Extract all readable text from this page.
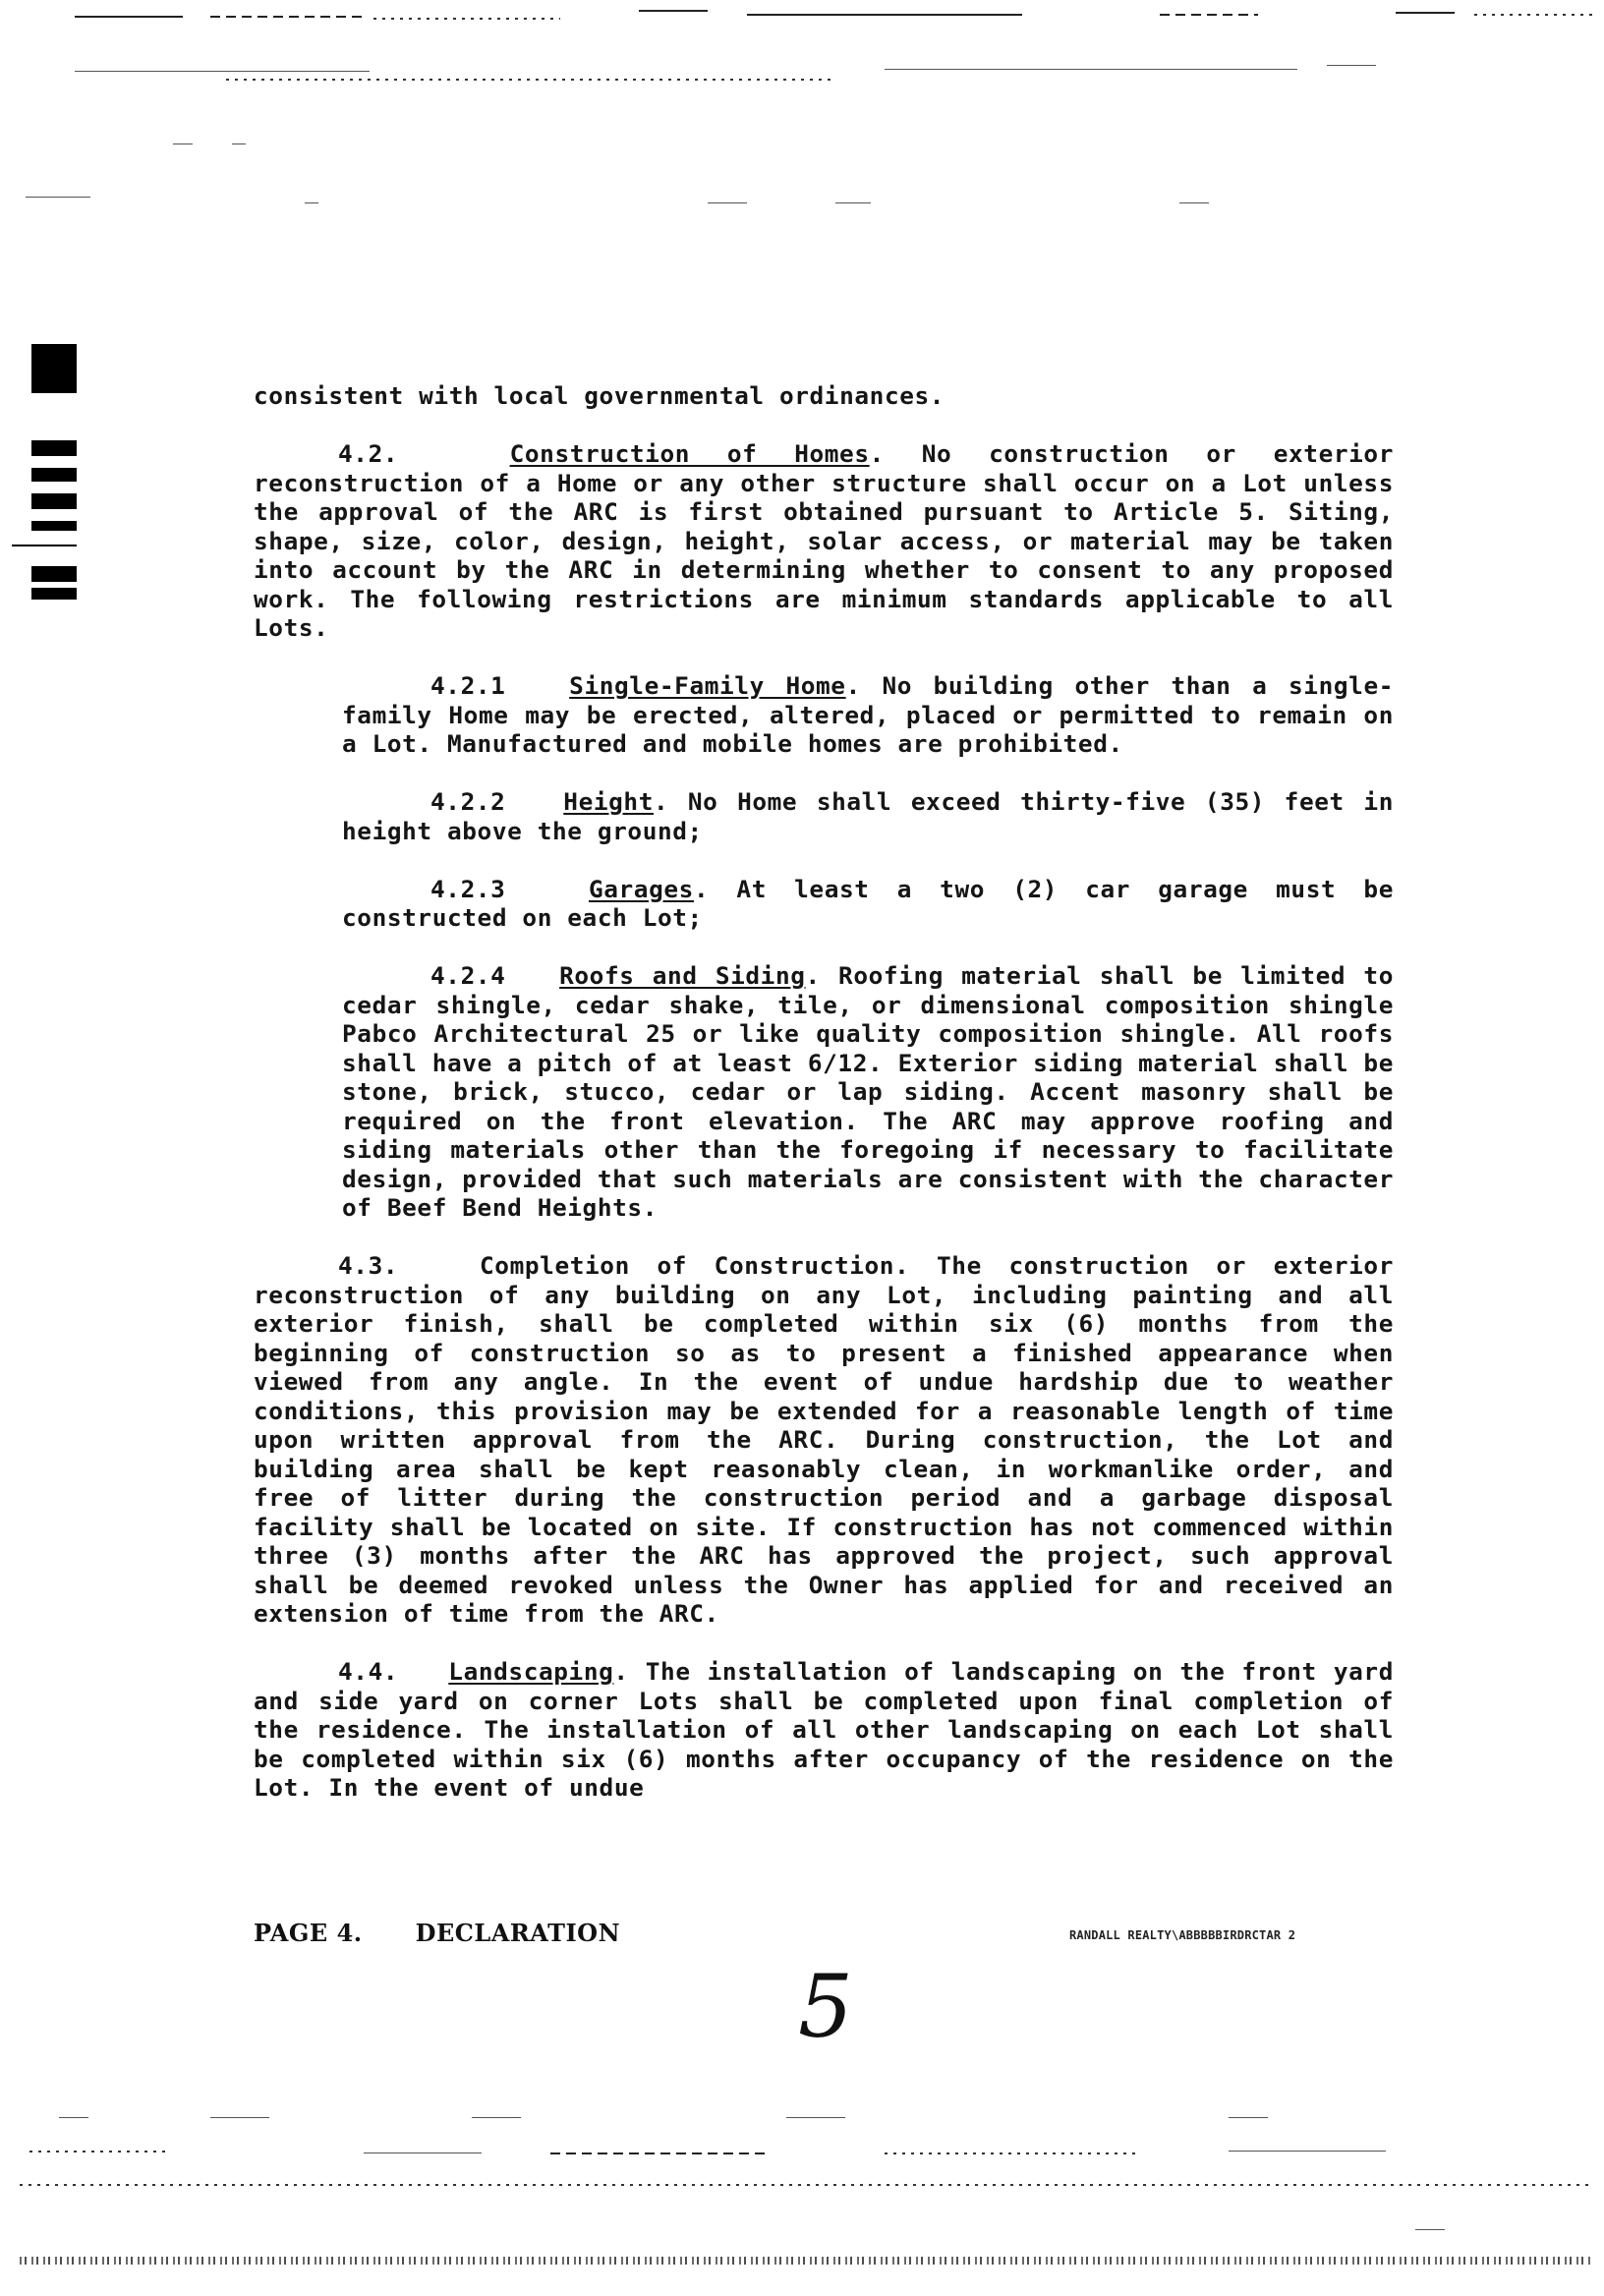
consistent with local governmental ordinances.

4.2.	Construction of Homes. No construction or exterior reconstruction of a Home or any other structure shall occur on a Lot unless the approval of the ARC is first obtained pursuant to Article 5. Siting, shape, size, color, design, height, solar access, or material may be taken into account by the ARC in determining whether to consent to any proposed work. The following restrictions are minimum standards applicable to all Lots.

4.2.1	Single-Family Home. No building other than a single-family Home may be erected, altered, placed or permitted to remain on a Lot. Manufactured and mobile homes are prohibited.

4.2.2 Height. No Home shall exceed thirty-five (35) feet in height above the ground;

4.2.3	Garages. At least a two (2) car garage must be constructed on each Lot;

4.2.4 Roofs and Siding. Roofing material shall be limited to cedar shingle, cedar shake, tile, or dimensional composition shingle Pabco Architectural 25 or like quality composition shingle. All roofs shall have a pitch of at least 6/12. Exterior siding material shall be stone, brick, stucco, cedar or lap siding. Accent masonry shall be required on the front elevation. The ARC may approve roofing and siding materials other than the foregoing if necessary to facilitate design, provided that such materials are consistent with the character of Beef Bend Heights.

4.3.	Completion of Construction. The construction or exterior reconstruction of any building on any Lot, including painting and all exterior finish, shall be completed within six (6) months from the beginning of construction so as to present a finished appearance when viewed from any angle. In the event of undue hardship due to weather conditions, this provision may be extended for a reasonable length of time upon written approval from the ARC. During construction, the Lot and building area shall be kept reasonably clean, in workmanlike order, and free of litter during the construction period and a garbage disposal facility shall be located on site. If construction has not commenced within three (3) months after the ARC has approved the project, such approval shall be deemed revoked unless the Owner has applied for and received an extension of time from the ARC.

4.4. Landscaping. The installation of landscaping on the front yard and side yard on corner Lots shall be completed upon final completion of the residence. The installation of all other landscaping on each Lot shall be completed within six (6) months after occupancy of the residence on the Lot. In the event of undue

PAGE 4. DECLARATION	RANDALL REALTY\ABBBBBIRDRCTAR 2
5
